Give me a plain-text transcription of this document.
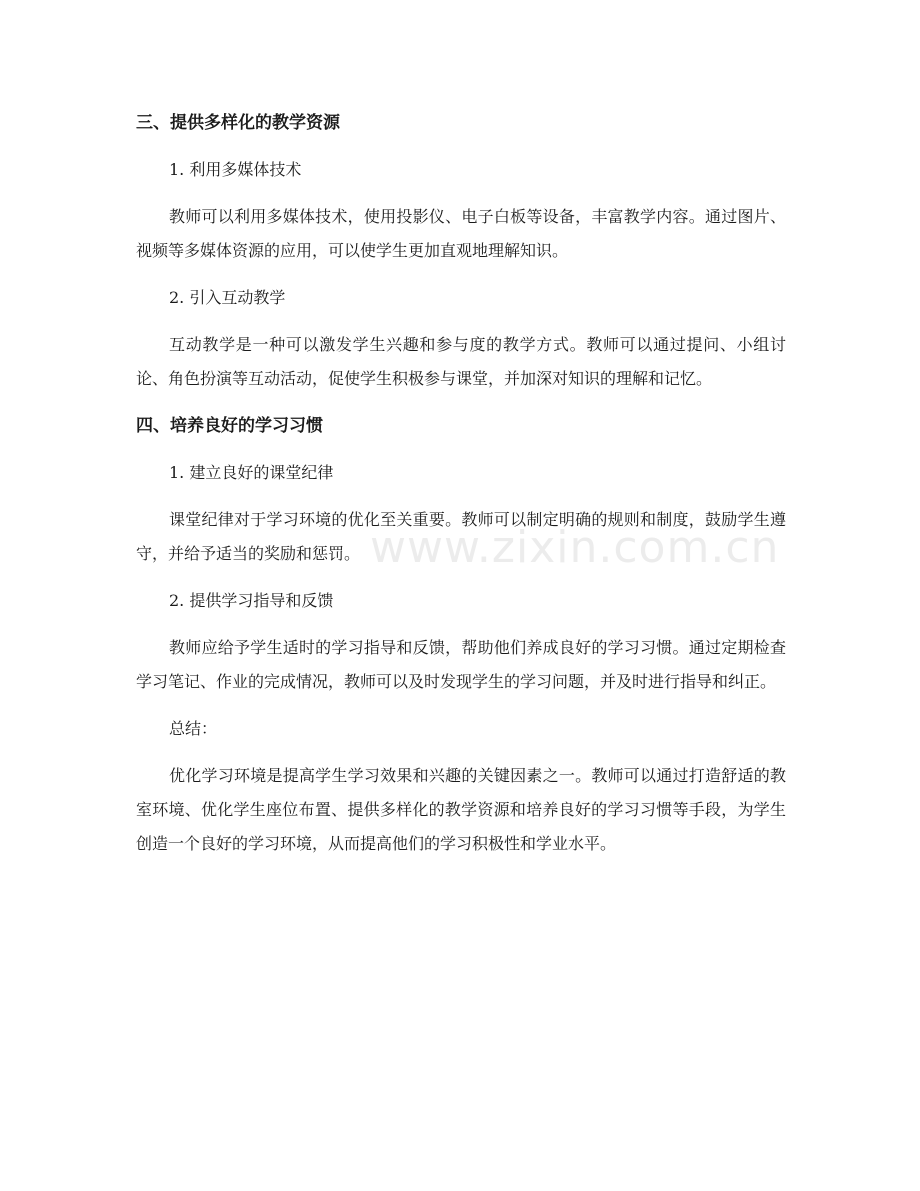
www.zixin.com.cn
三、提供多样化的教学资源
1. 利用多媒体技术
教师可以利用多媒体技术，使用投影仪、电子白板等设备，丰富教学内容。通过图片、视频等多媒体资源的应用，可以使学生更加直观地理解知识。
2. 引入互动教学
互动教学是一种可以激发学生兴趣和参与度的教学方式。教师可以通过提问、小组讨论、角色扮演等互动活动，促使学生积极参与课堂，并加深对知识的理解和记忆。
四、培养良好的学习习惯
1. 建立良好的课堂纪律
课堂纪律对于学习环境的优化至关重要。教师可以制定明确的规则和制度，鼓励学生遵守，并给予适当的奖励和惩罚。
2. 提供学习指导和反馈
教师应给予学生适时的学习指导和反馈，帮助他们养成良好的学习习惯。通过定期检查学习笔记、作业的完成情况，教师可以及时发现学生的学习问题，并及时进行指导和纠正。
总结：
优化学习环境是提高学生学习效果和兴趣的关键因素之一。教师可以通过打造舒适的教室环境、优化学生座位布置、提供多样化的教学资源和培养良好的学习习惯等手段，为学生创造一个良好的学习环境，从而提高他们的学习积极性和学业水平。
